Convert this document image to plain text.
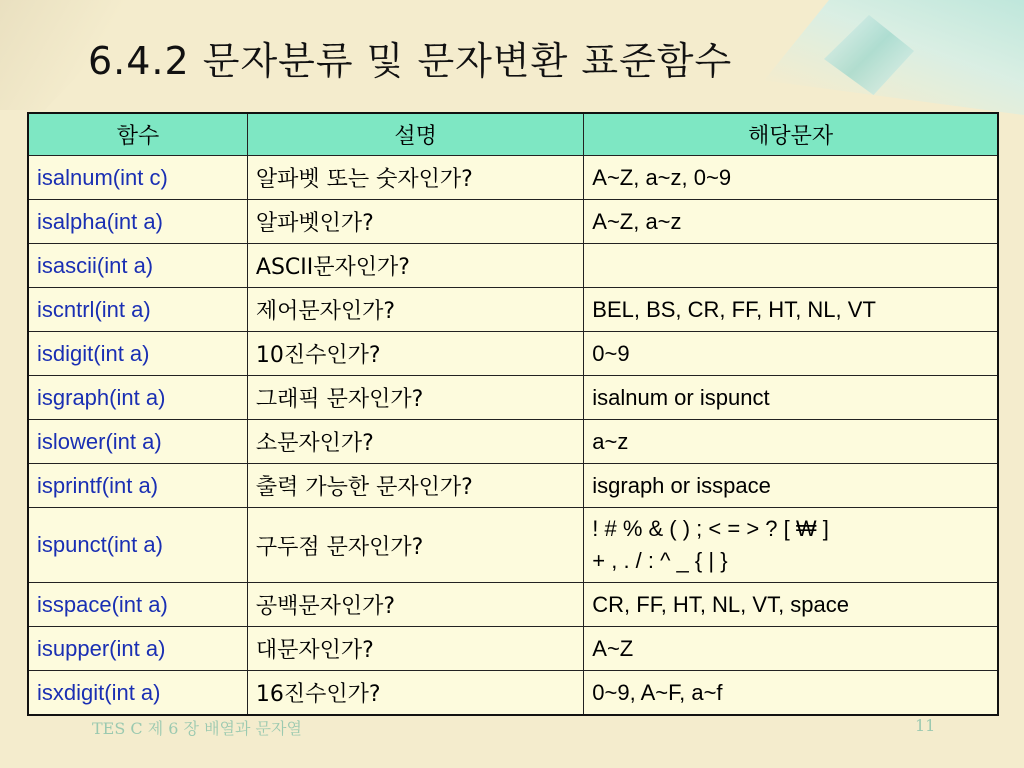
6.4.2 문자분류 및 문자변환 표준함수
TES C 제 6 장 배열과 문자열	11
함수	설명	해당문자
isalnum(int c)	알파벳 또는 숫자인가?	A~Z, a~z, 0~9
isalpha(int a)	알파벳인가?	A~Z, a~z
isascii(int a)	ASCII문자인가?	
iscntrl(int a)	제어문자인가?	BEL, BS, CR, FF, HT, NL, VT
isdigit(int a)	10진수인가?	0~9
isgraph(int a)	그래픽 문자인가?	isalnum or ispunct
islower(int a)	소문자인가?	a~z
isprintf(int a)	출력 가능한 문자인가?	isgraph or isspace
ispunct(int a)	구두점 문자인가?	! # % & ( ) ; < = > ? [ ₩ ]
+ , . / : ^ _ { | }

isspace(int a)	공백문자인가?	CR, FF, HT, NL, VT, space
isupper(int a)	대문자인가?	A~Z
isxdigit(int a)	16진수인가?	0~9, A~F, a~f
